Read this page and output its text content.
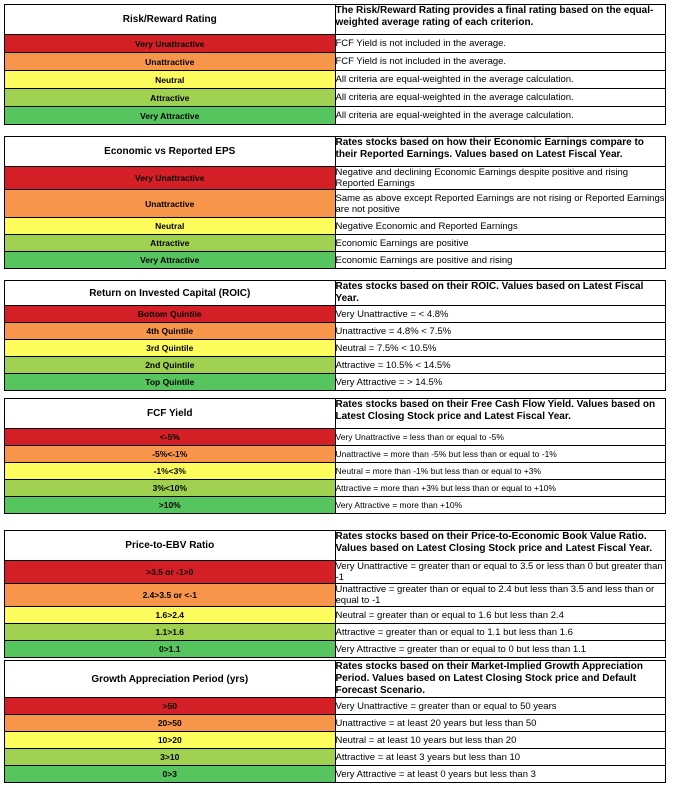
Risk/Reward Rating	The Risk/Reward Rating provides a final rating based on the equal-weighted average rating of each criterion.
Very Unattractive	FCF Yield is not included in the average.
Unattractive	FCF Yield is not included in the average.
Neutral	All criteria are equal-weighted in the average calculation.
Attractive	All criteria are equal-weighted in the average calculation.
Very Attractive	All criteria are equal-weighted in the average calculation.
Economic vs Reported EPS	Rates stocks based on how their Economic Earnings compare to their Reported Earnings. Values based on Latest Fiscal Year.
Very Unattractive	Negative and declining Economic Earnings despite positive and rising Reported Earnings
Unattractive	Same as above except Reported Earnings are not rising or Reported Earnings are not positive
Neutral	Negative Economic and Reported Earnings
Attractive	Economic Earnings are positive
Very Attractive	Economic Earnings are positive and rising
Return on Invested Capital (ROIC)	Rates stocks based on their ROIC. Values based on Latest Fiscal Year.
Bottom Quintile	Very Unattractive = < 4.8%
4th Quintile	Unattractive = 4.8% < 7.5%
3rd Quintile	Neutral = 7.5% < 10.5%
2nd Quintile	Attractive = 10.5% < 14.5%
Top Quintile	Very Attractive = > 14.5%
FCF Yield	Rates stocks based on their Free Cash Flow Yield. Values based on Latest Closing Stock price and Latest Fiscal Year.
<-5%	Very Unattractive = less than or equal to -5%
-5%<-1%	Unattractive = more than -5% but less than or equal to -1%
-1%<3%	Neutral = more than -1% but less than or equal to +3%
3%<10%	Attractive = more than +3% but less than or equal to +10%
>10%	Very Attractive = more than +10%
Price-to-EBV Ratio	Rates stocks based on their Price-to-Economic Book Value Ratio. Values based on Latest Closing Stock price and Latest Fiscal Year.
>3.5 or -1>0	Very Unattractive = greater than or equal to 3.5 or less than 0 but greater than -1
2.4>3.5 or <-1	Unattractive = greater than or equal to 2.4 but less than 3.5 and less than or equal to -1
1.6>2.4	Neutral = greater than or equal to 1.6 but less than 2.4
1.1>1.6	Attractive = greater than or equal to 1.1 but less than 1.6
0>1.1	Very Attractive = greater than or equal to 0 but less than 1.1
Growth Appreciation Period (yrs)	Rates stocks based on their Market-Implied Growth Appreciation Period. Values based on Latest Closing Stock price and Default Forecast Scenario.
>50	Very Unattractive = greater than or equal to 50 years
20>50	Unattractive = at least 20 years but less than 50
10>20	Neutral = at least 10 years but less than 20
3>10	Attractive = at least 3 years but less than 10
0>3	Very Attractive = at least 0 years but less than 3
